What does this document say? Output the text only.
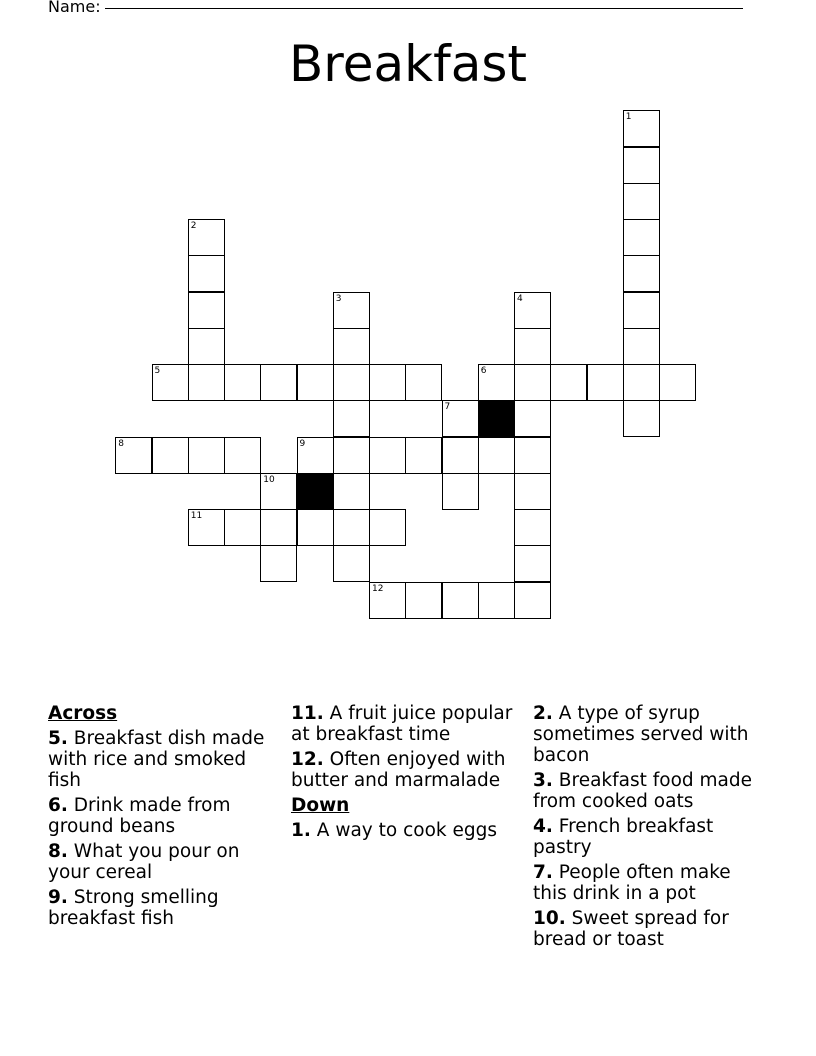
Name:
Breakfast
1
2
3	4
5	6
7
8	9
10
11
12
Across
5. Breakfast dish made with rice and smoked fish
6. Drink made from ground beans
8. What you pour on your cereal
9. Strong smelling breakfast fish
11. A fruit juice popular at breakfast time
12. Often enjoyed with butter and marmalade
Down
1. A way to cook eggs
2. A type of syrup sometimes served with bacon
3. Breakfast food made from cooked oats
4. French breakfast pastry
7. People often make this drink in a pot
10. Sweet spread for bread or toast
